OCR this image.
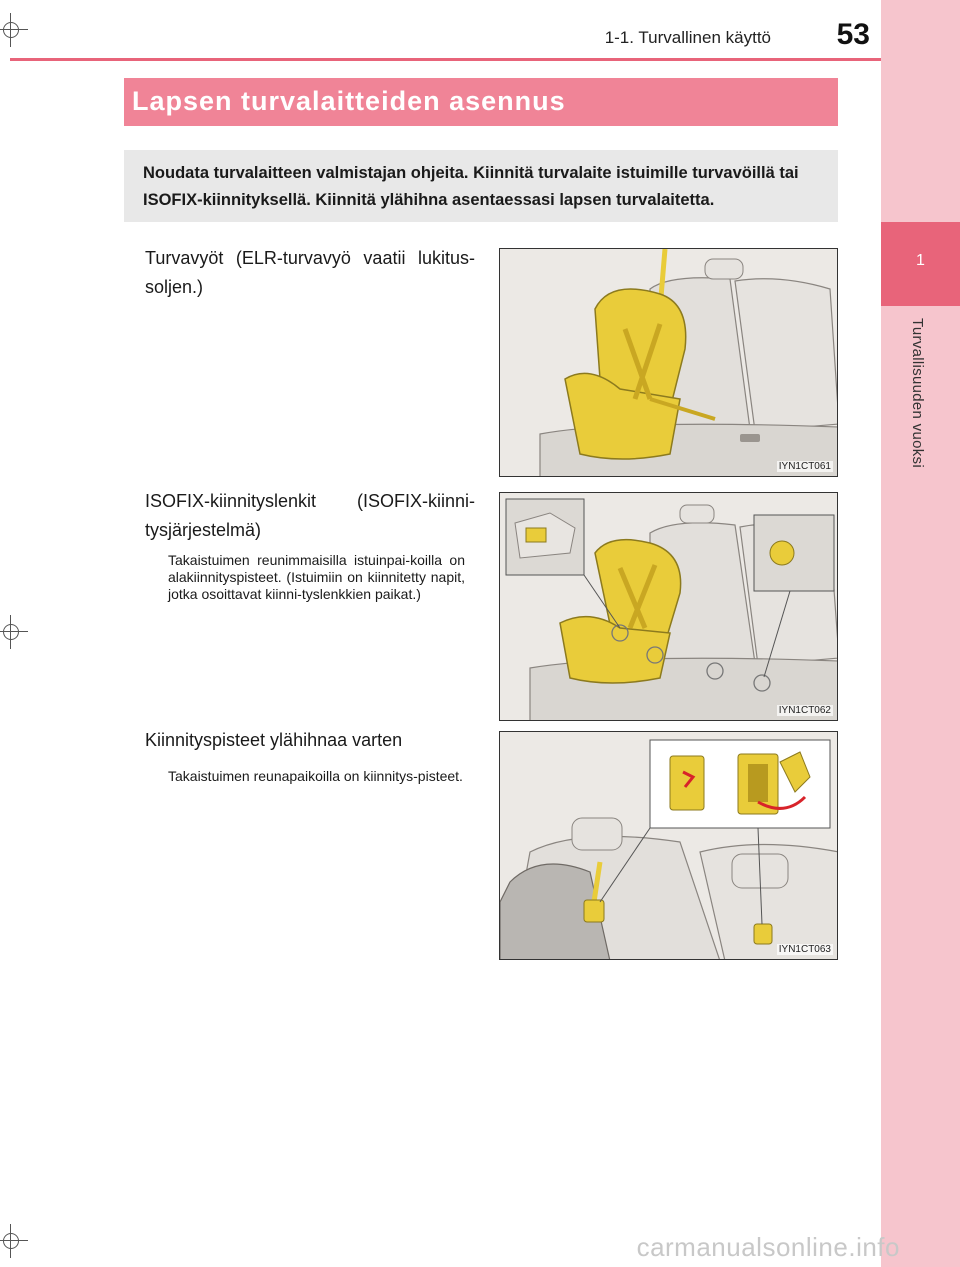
1
Turvallisuuden vuoksi
1-1. Turvallinen käyttö	53
Lapsen turvalaitteiden asennus

Noudata turvalaitteen valmistajan ohjeita. Kiinnitä turvalaite istuimille turvavöillä tai ISOFIX-kiinnityksellä. Kiinnitä ylähihna asentaessasi lapsen turvalaitetta.

Turvavyöt (ELR-turvavyö vaatii lukitus-soljen.)
IYN1CT061
ISOFIX-kiinnityslenkit (ISOFIX-kiinni-tysjärjestelmä)
Takaistuimen reunimmaisilla istuinpai-koilla on alakiinnityspisteet. (Istuimiin on kiinnitetty napit, jotka osoittavat kiinni-tyslenkkien paikat.)
IYN1CT062
Kiinnityspisteet ylähihnaa varten
Takaistuimen reunapaikoilla on kiinnitys-pisteet.
IYN1CT063
carmanualsonline.info
